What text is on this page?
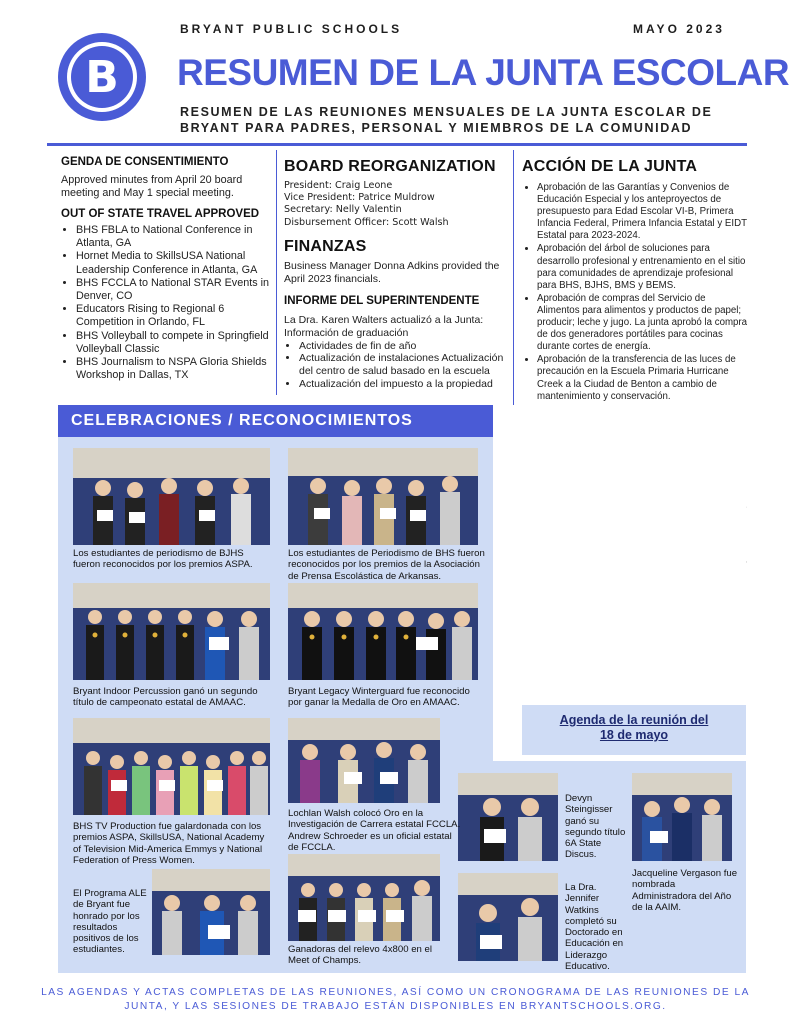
BRYANT PUBLIC SCHOOLS	MAYO 2023
B RESUMEN DE LA JUNTA ESCOLAR
RESUMEN DE LAS REUNIONES MENSUALES DE LA JUNTA ESCOLAR DE BRYANT PARA PADRES, PERSONAL Y MIEMBROS DE LA COMUNIDAD
GENDA DE CONSENTIMIENTO

Approved minutes from April 20 board meeting and May 1 special meeting.

OUT OF STATE TRAVEL APPROVED
• BHS FBLA to National Conference in Atlanta, GA
• Hornet Media to SkillsUSA National Leadership Conference in Atlanta, GA
• BHS FCCLA to National STAR Events in Denver, CO
• Educators Rising to Regional 6 Competition in Orlando, FL
• BHS Volleyball to compete in Springfield Volleyball Classic
• BHS Journalism to NSPA Gloria Shields Workshop in Dallas, TX
BOARD REORGANIZATION

President: Craig Leone

Vice President: Patrice Muldrow

Secretary: Nelly Valentin

Disbursement Officer: Scott Walsh

FINANZAS

Business Manager Donna Adkins provided the April 2023 financials.

INFORME DEL SUPERINTENDENTE

La Dra. Karen Walters actualizó a la Junta: Información de graduación

• Actividades de fin de año
• Actualización de instalaciones Actualización del centro de salud basado en la escuela
• Actualización del impuesto a la propiedad
ACCIÓN DE LA JUNTA
• Aprobación de las Garantías y Convenios de Educación Especial y los anteproyectos de presupuesto para Edad Escolar VI-B, Primera Infancia Federal, Primera Infancia Estatal y EIDT Estatal para 2023-2024.
• Aprobación del árbol de soluciones para desarrollo profesional y entrenamiento en el sitio para comunidades de aprendizaje profesional para BHS, BJHS, BMS y BEMS.
• Aprobación de compras del Servicio de Alimentos para alimentos y productos de papel; producir; leche y jugo. La junta aprobó la compra de dos generadores portátiles para cocinas durante cortes de energía.
• Aprobación de la transferencia de las luces de precaución en la Escuela Primaria Hurricane Creek a la Ciudad de Benton a cambio de mantenimiento y conservación.
•
•
•

•
•
CELEBRACIONES / RECONOCIMIENTOS
Agenda de la reunión del 18 de mayo
Los estudiantes de periodismo de BJHS fueron reconocidos por los premios ASPA.
Los estudiantes de Periodismo de BHS fueron reconocidos por los premios de la Asociación de Prensa Escolástica de Arkansas.
Bryant Indoor Percussion ganó un segundo título de campeonato estatal de AMAAC.
Bryant Legacy Winterguard fue reconocido por ganar la Medalla de Oro en AMAAC.
BHS TV Production fue galardonada con los premios ASPA, SkillsUSA, National Academy of Television Mid-America Emmys y National Federation of Press Women.
Lochlan Walsh colocó Oro en la Investigación de Carrera estatal FCCLA. Andrew Schroeder es un oficial estatal de FCCLA.
Devyn Steingisser ganó su segundo título 6A State Discus.
Jacqueline Vergason fue nombrada Administradora del Año de la AAIM.
El Programa ALE de Bryant fue honrado por los resultados positivos de los estudiantes.	Ganadoras del relevo 4x800 en el Meet of Champs.
La Dra. Jennifer Watkins completó su Doctorado en Educación en Liderazgo Educativo.
LAS AGENDAS Y ACTAS COMPLETAS DE LAS REUNIONES, ASÍ COMO UN CRONOGRAMA DE LAS REUNIONES DE LA JUNTA, Y LAS SESIONES DE TRABAJO ESTÁN DISPONIBLES EN BRYANTSCHOOLS.ORG.
